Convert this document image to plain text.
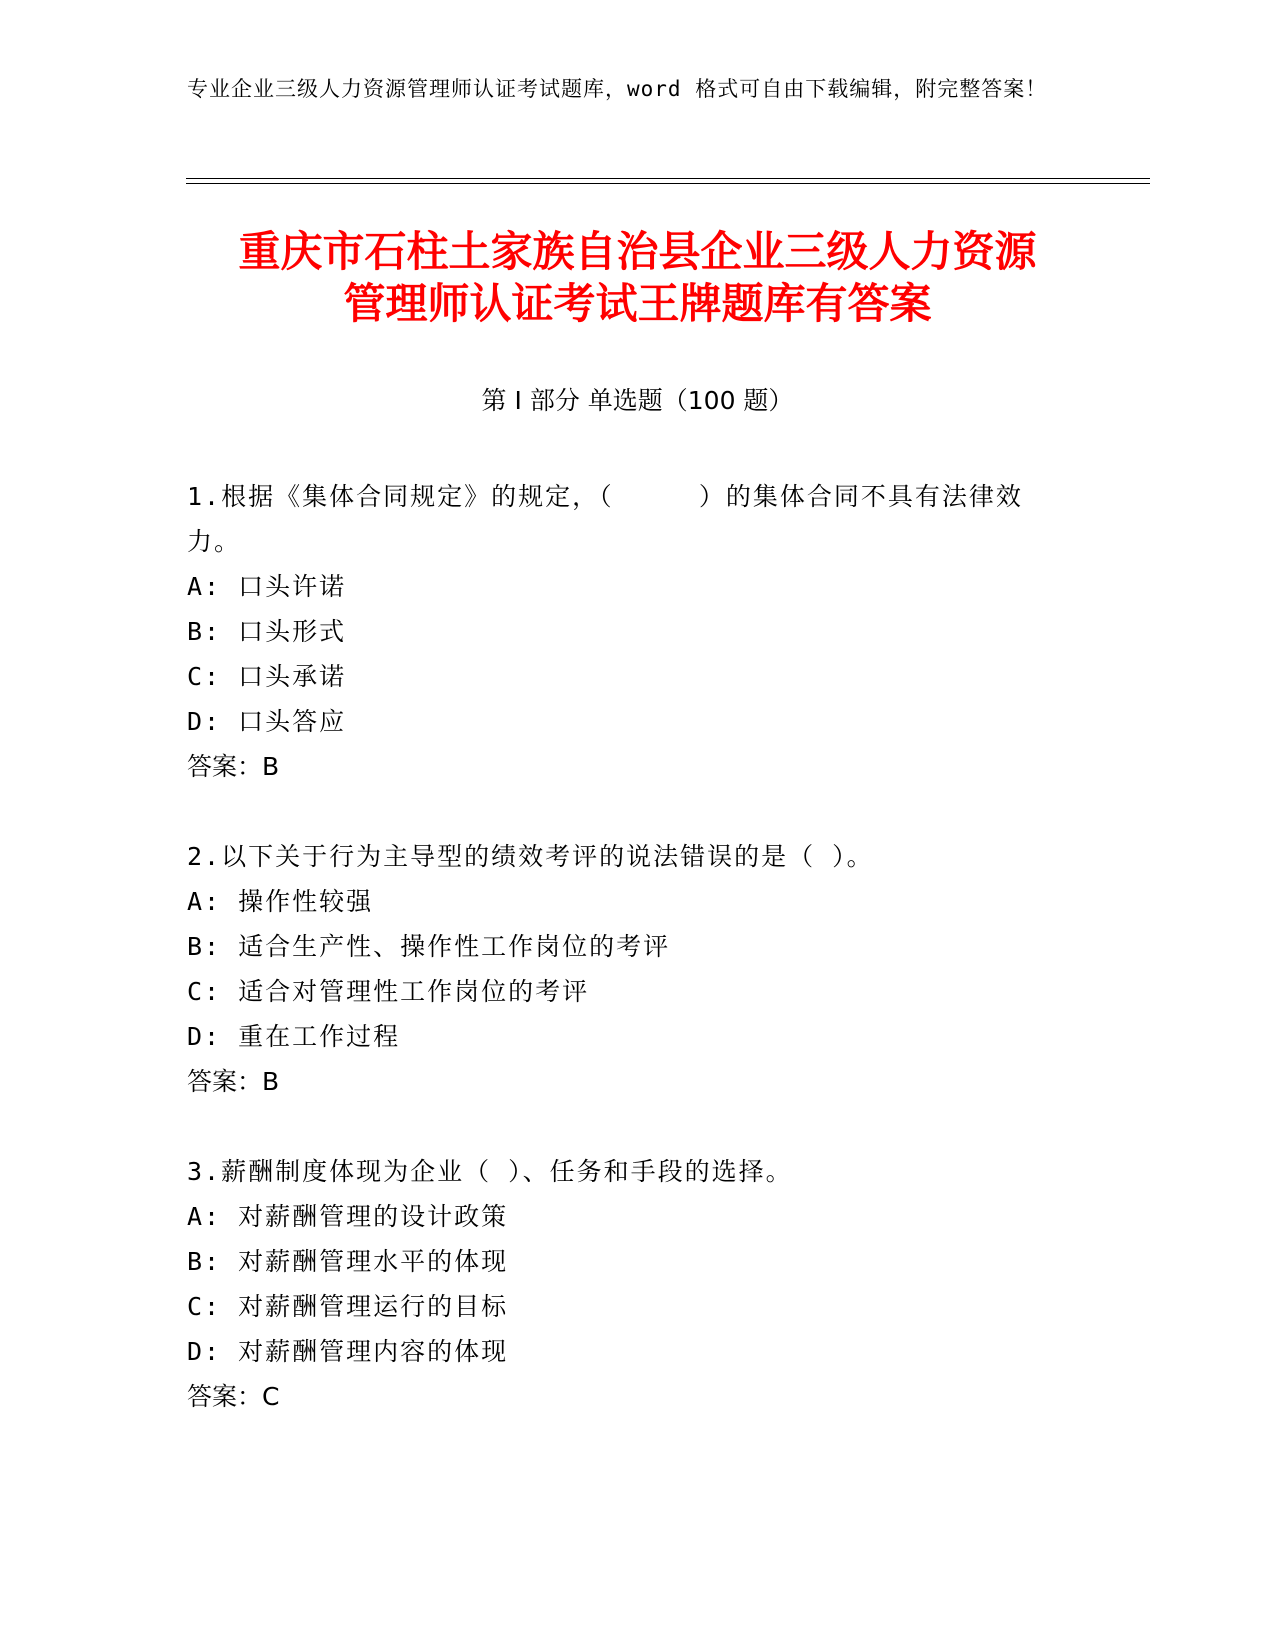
专业企业三级人力资源管理师认证考试题库，word 格式可自由下载编辑，附完整答案！
重庆市石柱土家族自治县企业三级人力资源
管理师认证考试王牌题库有答案
第 I 部分 单选题（100 题）
1.根据《集体合同规定》的规定，（     ）的集体合同不具有法律效力。
A: 口头许诺
B: 口头形式
C: 口头承诺
D: 口头答应
答案：B
2.以下关于行为主导型的绩效考评的说法错误的是（ ）。
A: 操作性较强
B: 适合生产性、操作性工作岗位的考评
C: 适合对管理性工作岗位的考评
D: 重在工作过程
答案：B
3.薪酬制度体现为企业（ ）、任务和手段的选择。
A: 对薪酬管理的设计政策
B: 对薪酬管理水平的体现
C: 对薪酬管理运行的目标
D: 对薪酬管理内容的体现
答案：C
